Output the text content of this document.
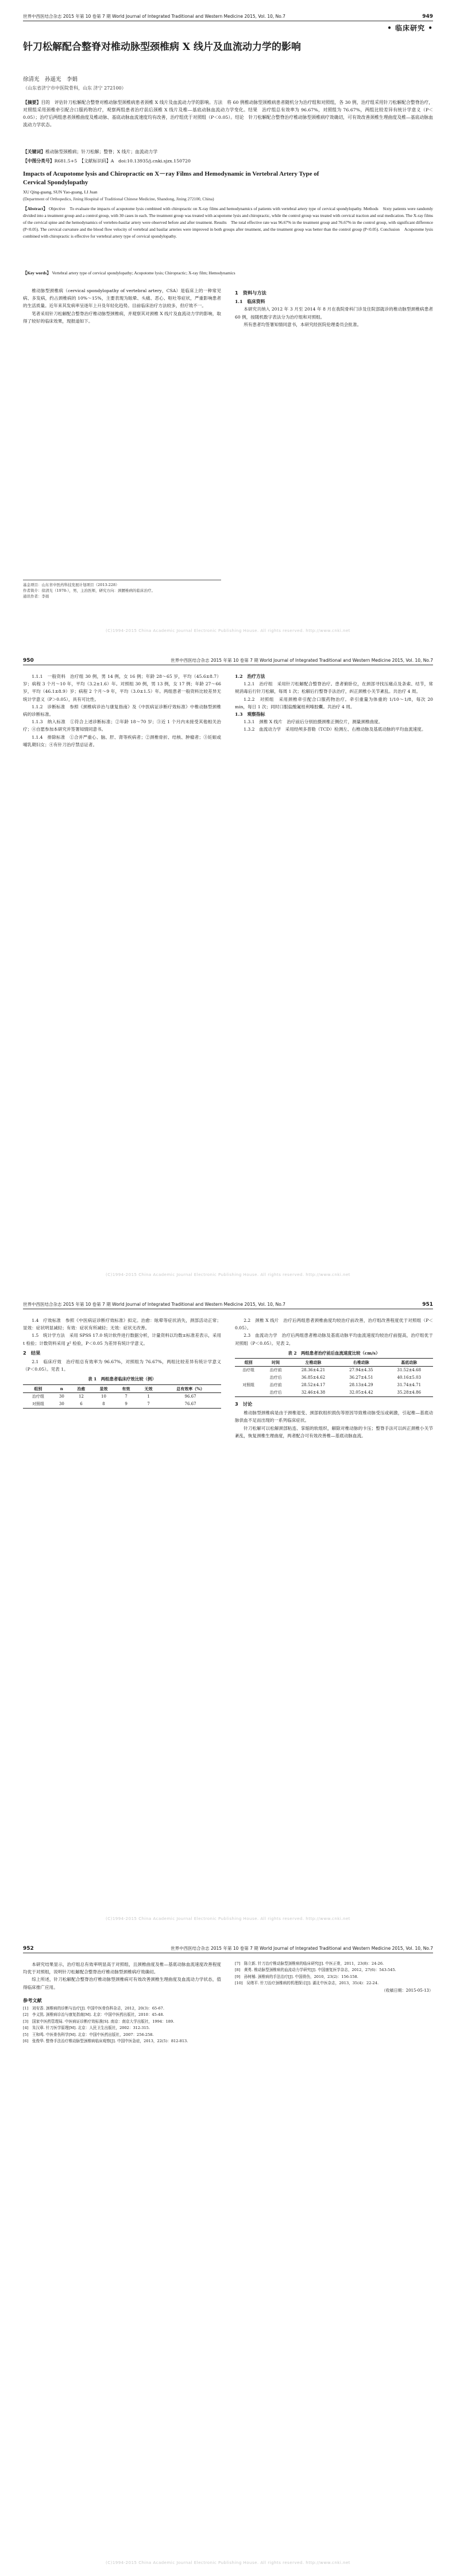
世界中西医结合杂志 2015 年第 10 卷第 7 期 World Journal of Integrated Traditional and Western Medicine 2015, Vol. 10, No.7	949
• 临床研究 •
针刀松解配合整脊对椎动脉型颈椎病 X 线片及血流动力学的影响
徐清光　孙遥光　李娟
（山东省济宁市中医院骨科，山东 济宁 272100）
【摘要】目的　评估针刀松解配合整脊对椎动脉型颈椎病患者颈椎 X 线片及血流动力学的影响。方法　将 60 例椎动脉型颈椎病患者随机分为治疗组和对照组，各 30 例，治疗组采用针刀松解配合整脊治疗，对照组采用颈椎牵引配合口服药物治疗，观察两组患者治疗前后颈椎 X 线片及椎—基底动脉血流动力学变化。结果　治疗组总有效率为 96.67%，对照组为 76.67%，两组比较差异有统计学意义（P＜0.05）；治疗后两组患者颈椎曲度及椎动脉、基底动脉血流速度均有改善，治疗组优于对照组（P＜0.05）。结论　针刀松解配合整脊治疗椎动脉型颈椎病疗效确切，可有效改善颈椎生理曲度及椎—基底动脉血流动力学状态。
【关键词】椎动脉型颈椎病；针刀松解；整脊；X 线片；血流动力学
【中图分类号】R681.5+5　【文献标识码】A　doi:10.13935/j.cnki.sjzx.150720
Impacts of Acupotome lysis and Chiropractic on X－ray Films and Hemodynamic in Vertebral Artery Type of Cervical Spondylopathy
XU Qing-guang, SUN Yao-guang, LI Juan
(Department of Orthopedics, Jining Hospital of Traditional Chinese Medicine, Shandong, Jining 272100, China)
【Abstract】 Objective　To evaluate the impacts of acupotome lysis combined with chiropractic on X-ray films and hemodynamics of patients with vertebral artery type of cervical spondylopathy. Methods　Sixty patients were randomly divided into a treatment group and a control group, with 30 cases in each. The treatment group was treated with acupotome lysis and chiropractic, while the control group was treated with cervical traction and oral medication. The X-ray films of the cervical spine and the hemodynamics of vertebro-basilar artery were observed before and after treatment. Results　The total effective rate was 96.67% in the treatment group and 76.67% in the control group, with significant difference (P<0.05). The cervical curvature and the blood flow velocity of vertebral and basilar arteries were improved in both groups after treatment, and the treatment group was better than the control group (P<0.05). Conclusion　Acupotome lysis combined with chiropractic is effective for vertebral artery type of cervical spondylopathy.
【Key words】 Vertebral artery type of cervical spondylopathy; Acupotome lysis; Chiropractic; X-ray film; Hemodynamics

椎动脉型颈椎病（cervical spondylopathy of vertebral artery，CSA）是临床上的一种常见病、多发病，约占颈椎病的 10%～15%，主要表现为眩晕、头痛、恶心、呕吐等症状，严重影响患者的生活质量。近年来其发病率呈逐年上升及年轻化趋势。目前临床治疗方法较多，但疗效不一。

笔者采用针刀松解配合整脊治疗椎动脉型颈椎病，并观察其对颈椎 X 线片及血流动力学的影响，取得了较好的临床效果，现报道如下。

1　资料与方法
1.1　临床资料

本研究共纳入 2012 年 3 月至 2014 年 8 月在我院骨科门诊及住院部就诊的椎动脉型颈椎病患者 60 例，按随机数字表法分为治疗组和对照组。

所有患者均签署知情同意书，本研究经医院伦理委员会批准。

基金项目：山东省中医药科技发展计划项目（2013-228）
作者简介：徐清光（1978-），男，主治医师，研究方向：颈腰椎病的临床治疗。
通讯作者：李娟
(C)1994-2015 China Academic Journal Electronic Publishing House. All rights reserved. http://www.cnki.net
950	世界中西医结合杂志 2015 年第 10 卷第 7 期 World Journal of Integrated Traditional and Western Medicine 2015, Vol. 10, No.7

1.1.1　一般资料　治疗组 30 例，男 14 例，女 16 例；年龄 28～65 岁，平均（45.6±8.7）岁；病程 3 个月～10 年，平均（3.2±1.6）年。对照组 30 例，男 13 例，女 17 例；年龄 27～66 岁，平均（46.1±8.9）岁；病程 2 个月～9 年，平均（3.0±1.5）年。两组患者一般资料比较差异无统计学意义（P＞0.05），具有可比性。

1.1.2　诊断标准　参照《颈椎病诊治与康复指南》及《中医病证诊断疗效标准》中椎动脉型颈椎病的诊断标准。

1.1.3　纳入标准　①符合上述诊断标准；②年龄 18～70 岁；③近 1 个月内未接受其他相关治疗；④自愿参加本研究并签署知情同意书。

1.1.4　排除标准　①合并严重心、脑、肝、肾等疾病者；②颈椎骨折、结核、肿瘤者；③妊娠或哺乳期妇女；④有针刀治疗禁忌证者。

1.2　治疗方法

1.2.1　治疗组　采用针刀松解配合整脊治疗。患者俯卧位，在颈部寻找压痛点及条索、结节，常规消毒后行针刀松解，每周 1 次；松解后行整脊手法治疗，纠正颈椎小关节紊乱。共治疗 4 周。

1.2.2　对照组　采用颈椎牵引配合口服药物治疗。牵引重量为体重的 1/10～1/8，每次 20 min，每日 1 次；同时口服盐酸氟桂利嗪胶囊。共治疗 4 周。

1.3　观察指标

1.3.1　颈椎 X 线片　治疗前后分别拍摄颈椎正侧位片，测量颈椎曲度。

1.3.2　血流动力学　采用经颅多普勒（TCD）检测左、右椎动脉及基底动脉的平均血流速度。

(C)1994-2015 China Academic Journal Electronic Publishing House. All rights reserved. http://www.cnki.net
世界中西医结合杂志 2015 年第 10 卷第 7 期 World Journal of Integrated Traditional and Western Medicine 2015, Vol. 10, No.7	951

1.4　疗效标准　参照《中医病证诊断疗效标准》拟定。治愈：眩晕等症状消失，颈部活动正常；显效：症状明显减轻；有效：症状有所减轻；无效：症状无改善。

1.5　统计学方法　采用 SPSS 17.0 统计软件进行数据分析，计量资料以均数±标准差表示，采用 t 检验；计数资料采用 χ² 检验，P＜0.05 为差异有统计学意义。

2　结果

2.1　临床疗效　治疗组总有效率为 96.67%，对照组为 76.67%，两组比较差异有统计学意义（P＜0.05）。见表 1。

表 1　两组患者临床疗效比较（例）
组别	n	治愈	显效	有效	无效	总有效率（%）
治疗组	30	12	10	7	1	96.67
对照组	30	6	8	9	7	76.67

2.2　颈椎 X 线片　治疗后两组患者颈椎曲度均较治疗前改善，治疗组改善程度优于对照组（P＜0.05）。

2.3　血流动力学　治疗后两组患者椎动脉及基底动脉平均血流速度均较治疗前提高，治疗组优于对照组（P＜0.05）。见表 2。

表 2　两组患者治疗前后血流速度比较（cm/s）
组别	时间	左椎动脉	右椎动脉	基底动脉
治疗组	治疗前	28.36±4.21	27.94±4.35	31.52±4.68
	治疗后	36.85±4.62	36.27±4.51	40.16±5.03
对照组	治疗前	28.52±4.17	28.13±4.29	31.74±4.71
	治疗后	32.46±4.38	32.05±4.42	35.28±4.86
3　讨论

椎动脉型颈椎病是由于颈椎退变、颈部软组织损伤等原因导致椎动脉受压或刺激，引起椎—基底动脉供血不足而出现的一系列临床症状。

针刀松解可以松解颈部粘连、挛缩的软组织，解除对椎动脉的卡压；整脊手法可以纠正颈椎小关节紊乱，恢复颈椎生理曲度，两者配合可有效改善椎—基底动脉血流。

(C)1994-2015 China Academic Journal Electronic Publishing House. All rights reserved. http://www.cnki.net
952	世界中西医结合杂志 2015 年第 10 卷第 7 期 World Journal of Integrated Traditional and Western Medicine 2015, Vol. 10, No.7

本研究结果显示，治疗组总有效率明显高于对照组，且颈椎曲度及椎—基底动脉血流速度改善程度均优于对照组，说明针刀松解配合整脊治疗椎动脉型颈椎病疗效确切。

综上所述，针刀松解配合整脊治疗椎动脉型颈椎病可有效改善颈椎生理曲度及血流动力学状态，值得临床推广应用。

参考文献
[1]　刘安香. 颈椎病的诊断与治疗[J]. 中国中医骨伤科杂志，2012，20(3)：65-67.
[2]　李义凯. 颈椎病诊治与康复指南[M]. 北京：中国中医药出版社，2010：45-48.
[3]　国家中医药管理局. 中医病证诊断疗效标准[S]. 南京：南京大学出版社，1994：189.
[4]　朱汉章. 针刀医学原理[M]. 北京：人民卫生出版社，2002：312-315.
[5]　王和鸣. 中医骨伤科学[M]. 北京：中国中医药出版社，2007：256-258.
[6]　张俊华. 整脊手法治疗椎动脉型颈椎病临床观察[J]. 中国中医急症，2013，22(5)：812-813.
[7]　陈立新. 针刀治疗椎动脉型颈椎病的临床研究[J]. 中医正骨，2011，23(8)：24-26.
[8]　黄勇. 椎动脉型颈椎病的血流动力学研究[J]. 中国康复医学杂志，2012，27(6)：543-545.
[9]　孙树椿. 颈椎病的手法治疗[J]. 中国骨伤，2010，23(2)：156-158.
[10]　吴绪平. 针刀治疗颈椎病的机理探讨[J]. 湖北中医杂志，2013，35(4)：22-24.
（收稿日期：2015-05-13）
(C)1994-2015 China Academic Journal Electronic Publishing House. All rights reserved. http://www.cnki.net
